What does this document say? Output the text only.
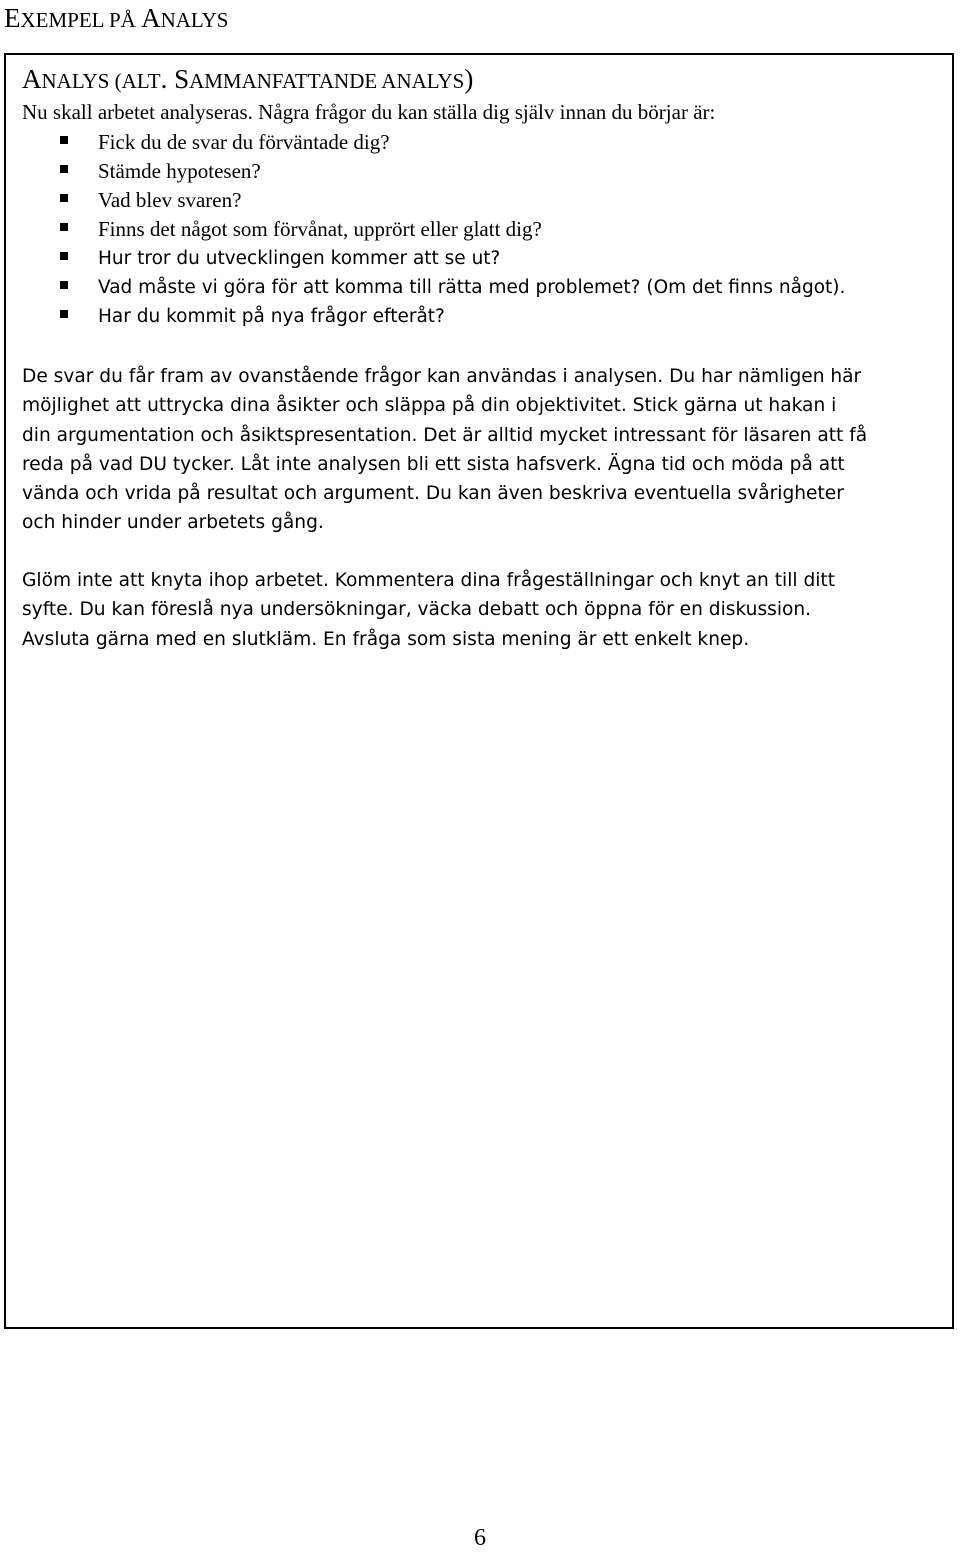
EXEMPEL PÅ ANALYS
ANALYS (ALT. SAMMANFATTANDE ANALYS)
Nu skall arbetet analyseras. Några frågor du kan ställa dig själv innan du börjar är:
Fick du de svar du förväntade dig?
Stämde hypotesen?
Vad blev svaren?
Finns det något som förvånat, upprört eller glatt dig?
Hur tror du utvecklingen kommer att se ut?
Vad måste vi göra för att komma till rätta med problemet? (Om det finns något).
Har du kommit på nya frågor efteråt?
De svar du får fram av ovanstående frågor kan användas i analysen. Du har nämligen här
möjlighet att uttrycka dina åsikter och släppa på din objektivitet. Stick gärna ut hakan i
din argumentation och åsiktspresentation. Det är alltid mycket intressant för läsaren att få
reda på vad DU tycker. Låt inte analysen bli ett sista hafsverk. Ägna tid och möda på att
vända och vrida på resultat och argument. Du kan även beskriva eventuella svårigheter
och hinder under arbetets gång.
Glöm inte att knyta ihop arbetet. Kommentera dina frågeställningar och knyt an till ditt
syfte. Du kan föreslå nya undersökningar, väcka debatt och öppna för en diskussion.
Avsluta gärna med en slutkläm. En fråga som sista mening är ett enkelt knep.
6
